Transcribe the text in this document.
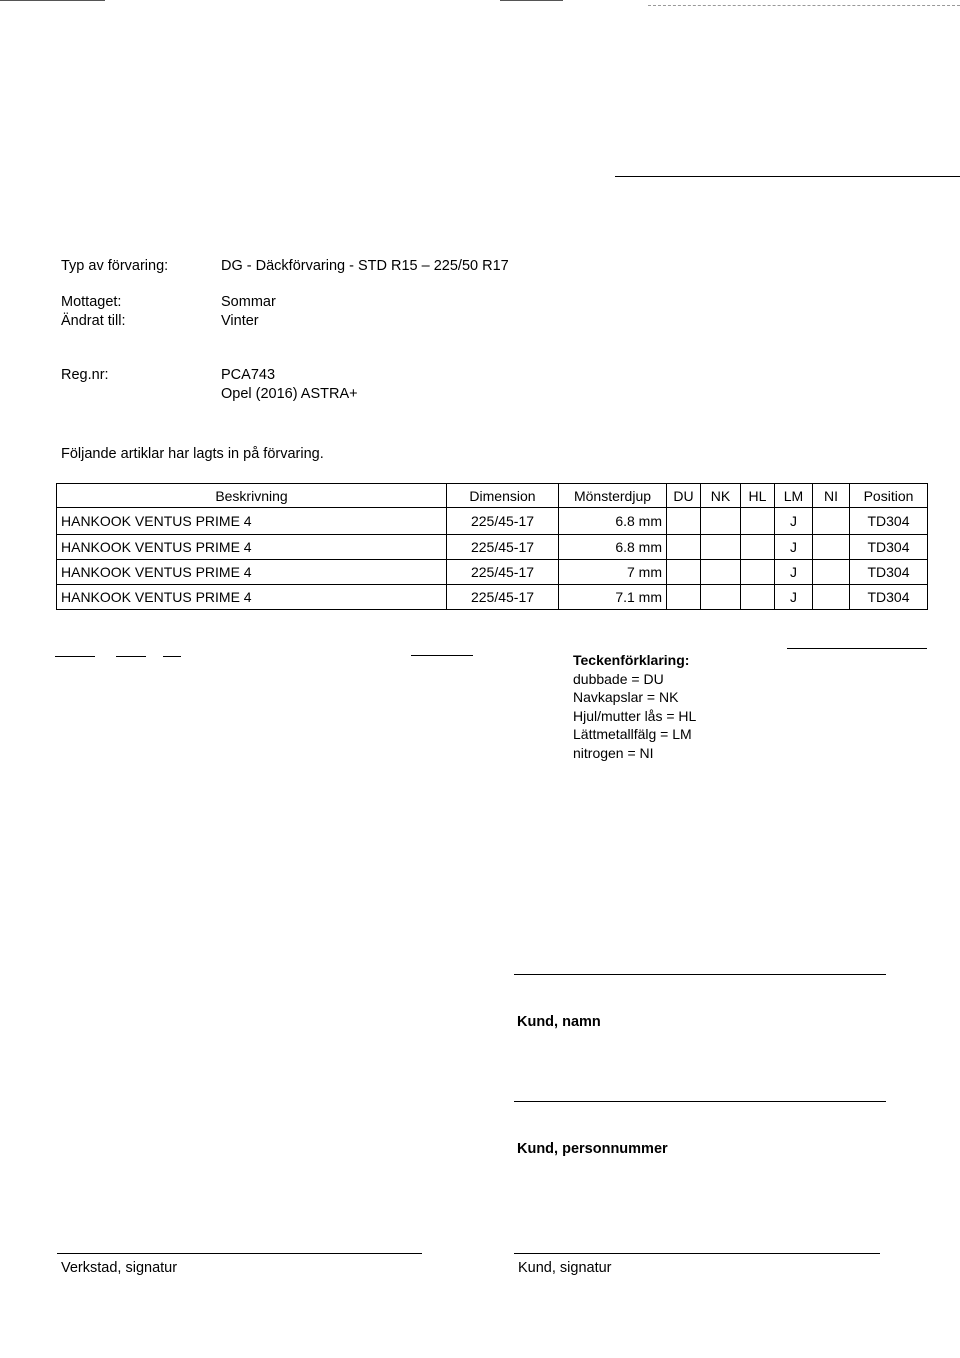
Typ av förvaring:	DG - Däckförvaring - STD R15 – 225/50 R17
Mottaget:	Sommar
Ändrat till:	Vinter
Reg.nr:	PCA743
Opel (2016) ASTRA+
Följande artiklar har lagts in på förvaring.
Beskrivning	Dimension	Mönsterdjup	DU	NK	HL	LM	NI	Position
HANKOOK VENTUS PRIME 4	225/45-17	6.8 mm				J		TD304
HANKOOK VENTUS PRIME 4	225/45-17	6.8 mm				J		TD304
HANKOOK VENTUS PRIME 4	225/45-17	7 mm				J		TD304
HANKOOK VENTUS PRIME 4	225/45-17	7.1 mm				J		TD304
Teckenförklaring:
dubbade = DU
Navkapslar = NK
Hjul/mutter lås = HL
Lättmetallfälg = LM
nitrogen = NI
Kund, namn
Kund, personnummer
Verkstad, signatur	Kund, signatur
